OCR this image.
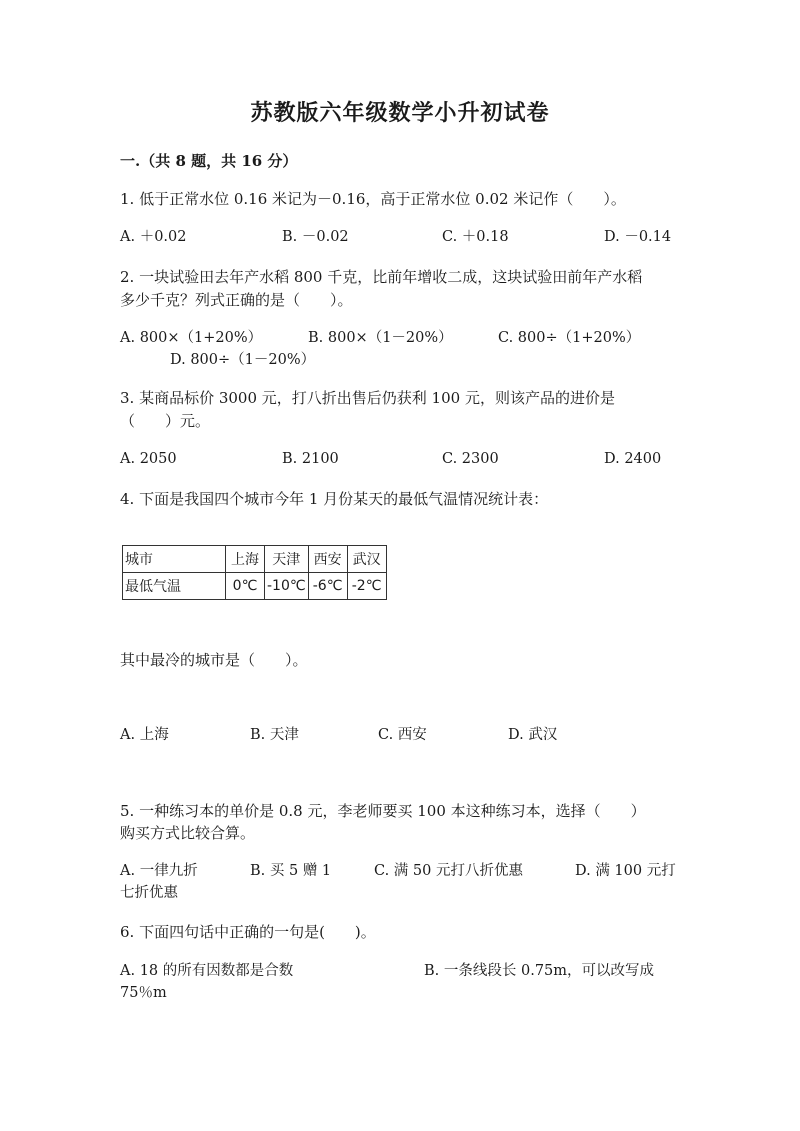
苏教版六年级数学小升初试卷
一.（共 8 题，共 16 分）
1. 低于正常水位 0.16 米记为－0.16，高于正常水位 0.02 米记作（　　）。
A. ＋0.02	B. －0.02	C. ＋0.18	D. －0.14
2. 一块试验田去年产水稻 800 千克，比前年增收二成，这块试验田前年产水稻
多少千克？列式正确的是（　　）。
A. 800×（1+20%）	B. 800×（1－20%）	C. 800÷（1+20%）
D. 800÷（1－20%）
3. 某商品标价 3000 元，打八折出售后仍获利 100 元，则该产品的进价是
（　　）元。
A. 2050	B. 2100	C. 2300	D. 2400
4. 下面是我国四个城市今年 1 月份某天的最低气温情况统计表：
城市	上海	天津	西安	武汉
最低气温	0℃	-10℃	-6℃	-2℃
其中最冷的城市是（　　）。
A. 上海	B. 天津	C. 西安	D. 武汉
5. 一种练习本的单价是 0.8 元，李老师要买 100 本这种练习本，选择（　　）
购买方式比较合算。
A. 一律九折	B. 买 5 赠 1	C. 满 50 元打八折优惠	D. 满 100 元打
七折优惠
6. 下面四句话中正确的一句是(　　)。
A. 18 的所有因数都是合数	B. 一条线段长 0.75m，可以改写成
75％m
